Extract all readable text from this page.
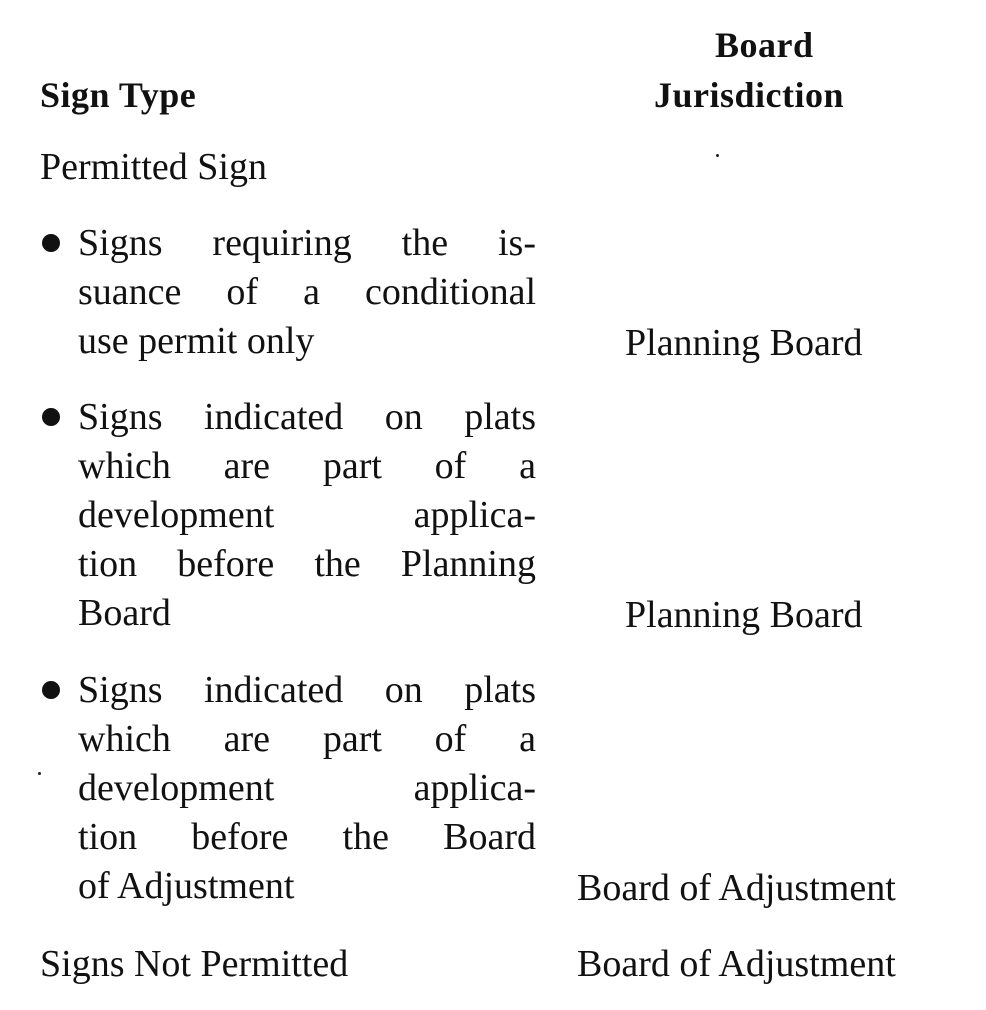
Board
Sign Type	Jurisdiction
Permitted Sign
Signs requiring the is-
suance of a conditional
use permit only	Planning Board
Signs indicated on plats
which are part of a
development applica-
tion before the Planning
Board	Planning Board
Signs indicated on plats
which are part of a
development applica-
tion before the Board
of Adjustment	Board of Adjustment
Signs Not Permitted	Board of Adjustment
